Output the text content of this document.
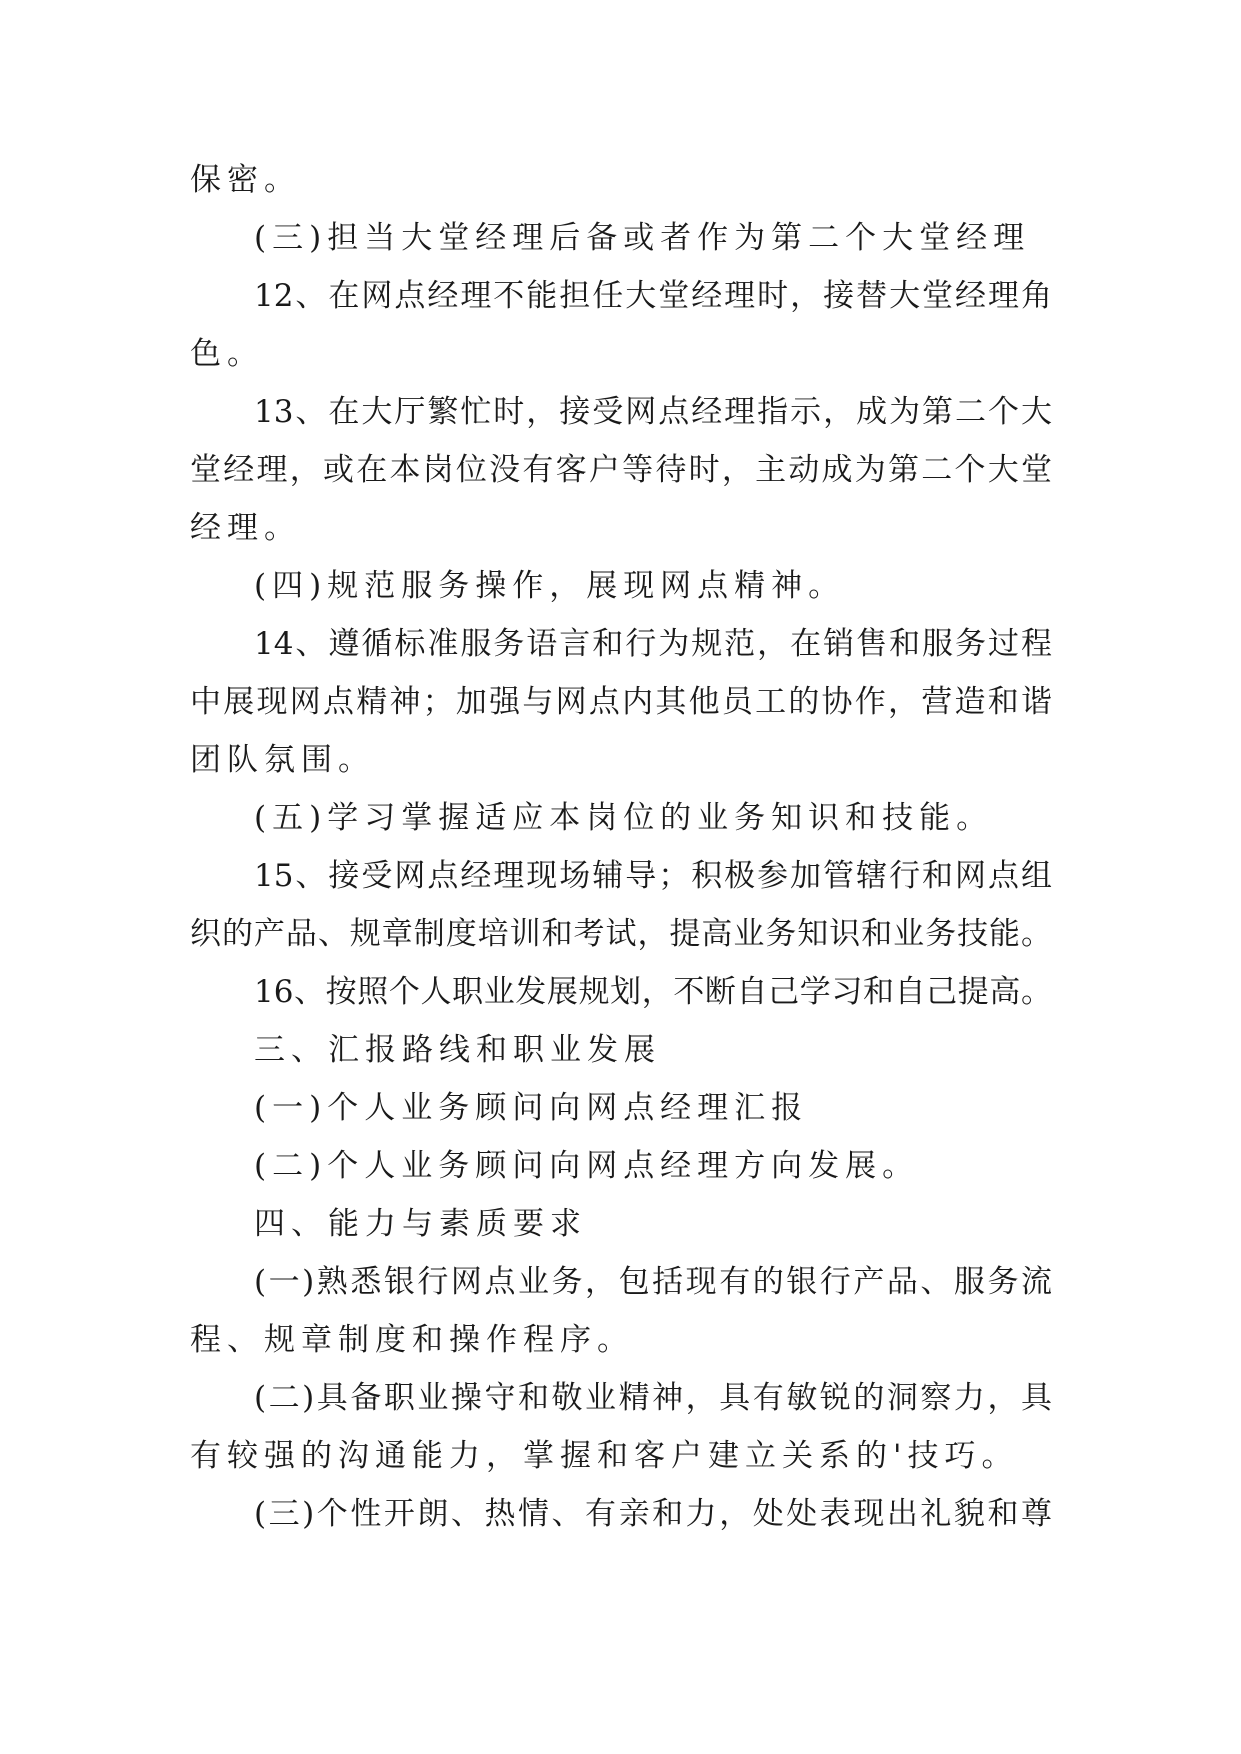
保密。
(三)担当大堂经理后备或者作为第二个大堂经理
12、在网点经理不能担任大堂经理时，接替大堂经理角
色。
13、在大厅繁忙时，接受网点经理指示，成为第二个大
堂经理，或在本岗位没有客户等待时，主动成为第二个大堂
经理。
(四)规范服务操作，展现网点精神。
14、遵循标准服务语言和行为规范，在销售和服务过程
中展现网点精神；加强与网点内其他员工的协作，营造和谐
团队氛围。
(五)学习掌握适应本岗位的业务知识和技能。
15、接受网点经理现场辅导；积极参加管辖行和网点组
织的产品、规章制度培训和考试，提高业务知识和业务技能。
16、按照个人职业发展规划，不断自己学习和自己提高。
三、汇报路线和职业发展
(一)个人业务顾问向网点经理汇报
(二)个人业务顾问向网点经理方向发展。
四、能力与素质要求
(一)熟悉银行网点业务，包括现有的银行产品、服务流
程、规章制度和操作程序。
(二)具备职业操守和敬业精神，具有敏锐的洞察力，具
有较强的沟通能力，掌握和客户建立关系的'技巧。
(三)个性开朗、热情、有亲和力，处处表现出礼貌和尊
